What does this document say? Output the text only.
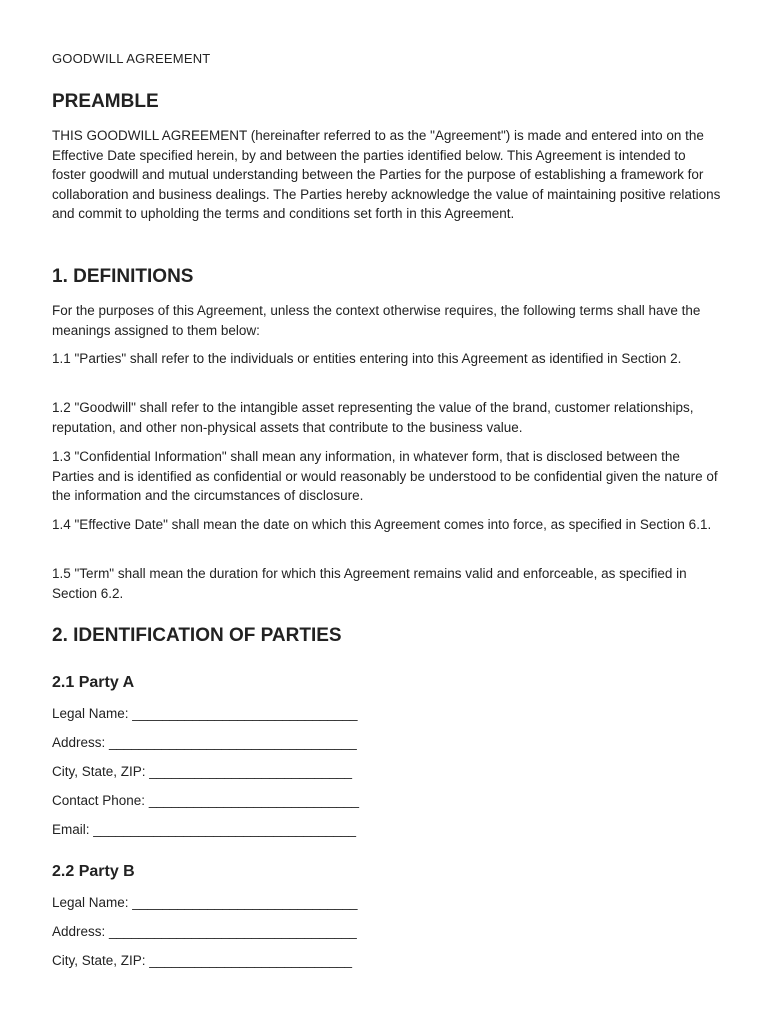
GOODWILL AGREEMENT
PREAMBLE

THIS GOODWILL AGREEMENT (hereinafter referred to as the "Agreement") is made and entered into on the Effective Date specified herein, by and between the parties identified below. This Agreement is intended to foster goodwill and mutual understanding between the Parties for the purpose of establishing a framework for collaboration and business dealings. The Parties hereby acknowledge the value of maintaining positive relations and commit to upholding the terms and conditions set forth in this Agreement.

1. DEFINITIONS

For the purposes of this Agreement, unless the context otherwise requires, the following terms shall have the meanings assigned to them below:

1.1 "Parties" shall refer to the individuals or entities entering into this Agreement as identified in Section 2.

1.2 "Goodwill" shall refer to the intangible asset representing the value of the brand, customer relationships, reputation, and other non-physical assets that contribute to the business value.

1.3 "Confidential Information" shall mean any information, in whatever form, that is disclosed between the Parties and is identified as confidential or would reasonably be understood to be confidential given the nature of the information and the circumstances of disclosure.

1.4 "Effective Date" shall mean the date on which this Agreement comes into force, as specified in Section 6.1.

1.5 "Term" shall mean the duration for which this Agreement remains valid and enforceable, as specified in Section 6.2.

2. IDENTIFICATION OF PARTIES
2.1 Party A

Legal Name: ______________________________

Address: _________________________________

City, State, ZIP: ___________________________

Contact Phone: ____________________________

Email: ___________________________________

2.2 Party B

Legal Name: ______________________________

Address: _________________________________

City, State, ZIP: ___________________________
